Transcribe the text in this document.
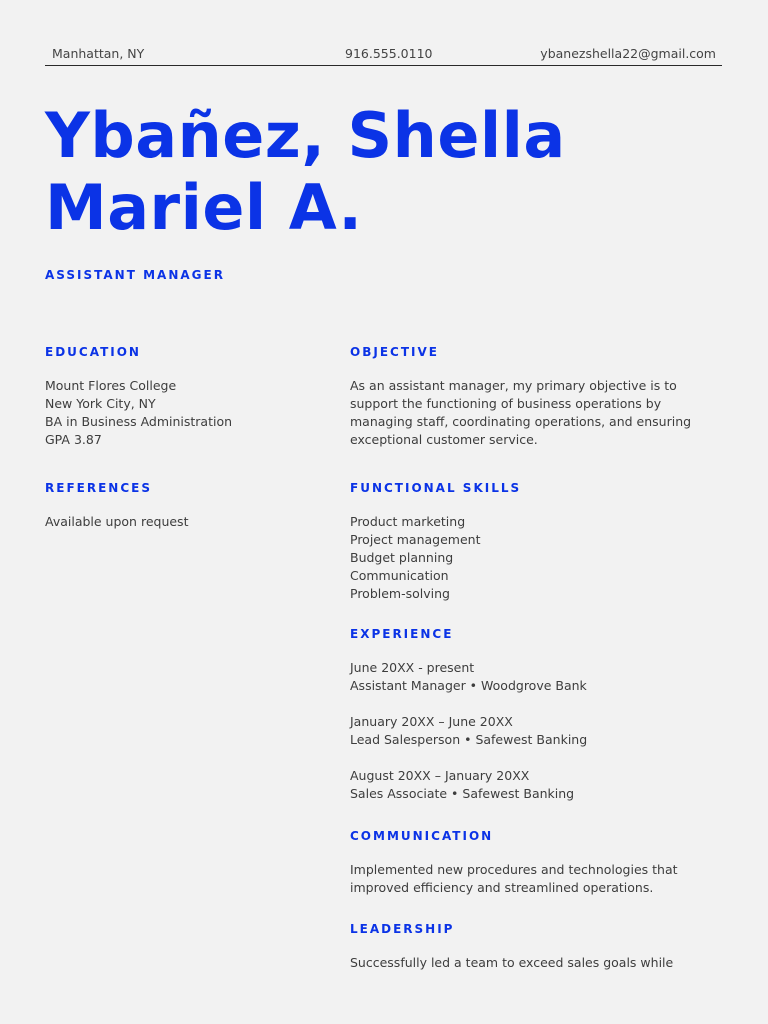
Manhattan, NY	916.555.0110	ybanezshella22@gmail.com
Ybañez, Shella
Mariel A.
ASSISTANT MANAGER
EDUCATION
Mount Flores College
New York City, NY
BA in Business Administration
GPA 3.87
REFERENCES
Available upon request
OBJECTIVE
As an assistant manager, my primary objective is to
support the functioning of business operations by
managing staff, coordinating operations, and ensuring
exceptional customer service.
FUNCTIONAL SKILLS
Product marketing
Project management
Budget planning
Communication
Problem-solving
EXPERIENCE
June 20XX - present
Assistant Manager • Woodgrove Bank
January 20XX – June 20XX
Lead Salesperson • Safewest Banking
August 20XX – January 20XX
Sales Associate • Safewest Banking
COMMUNICATION
Implemented new procedures and technologies that
improved efficiency and streamlined operations.
LEADERSHIP
Successfully led a team to exceed sales goals while
